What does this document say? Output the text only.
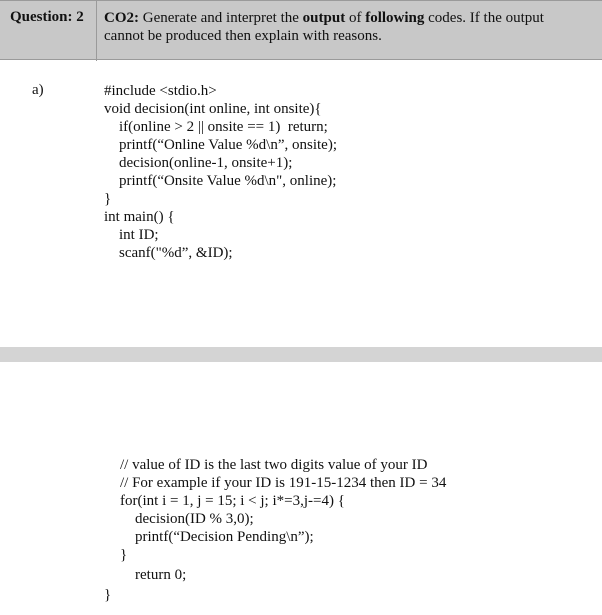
Question: 2 CO2: Generate and interpret the output of following codes. If the output cannot be produced then explain with reasons.
a)	#include <stdio.h>
void decision(int online, int onsite){
if(online > 2 || onsite == 1)  return;
printf(“Online Value %d\n”, onsite);
decision(online-1, onsite+1);
printf(“Onsite Value %d\n", online);
}
int main() {
int ID;
scanf("%d”, &ID);
// value of ID is the last two digits value of your ID
// For example if your ID is 191-15-1234 then ID = 34
for(int i = 1, j = 15; i < j; i*=3,j-=4) {
decision(ID % 3,0);
printf(“Decision Pending\n”);
}
return 0;
}
